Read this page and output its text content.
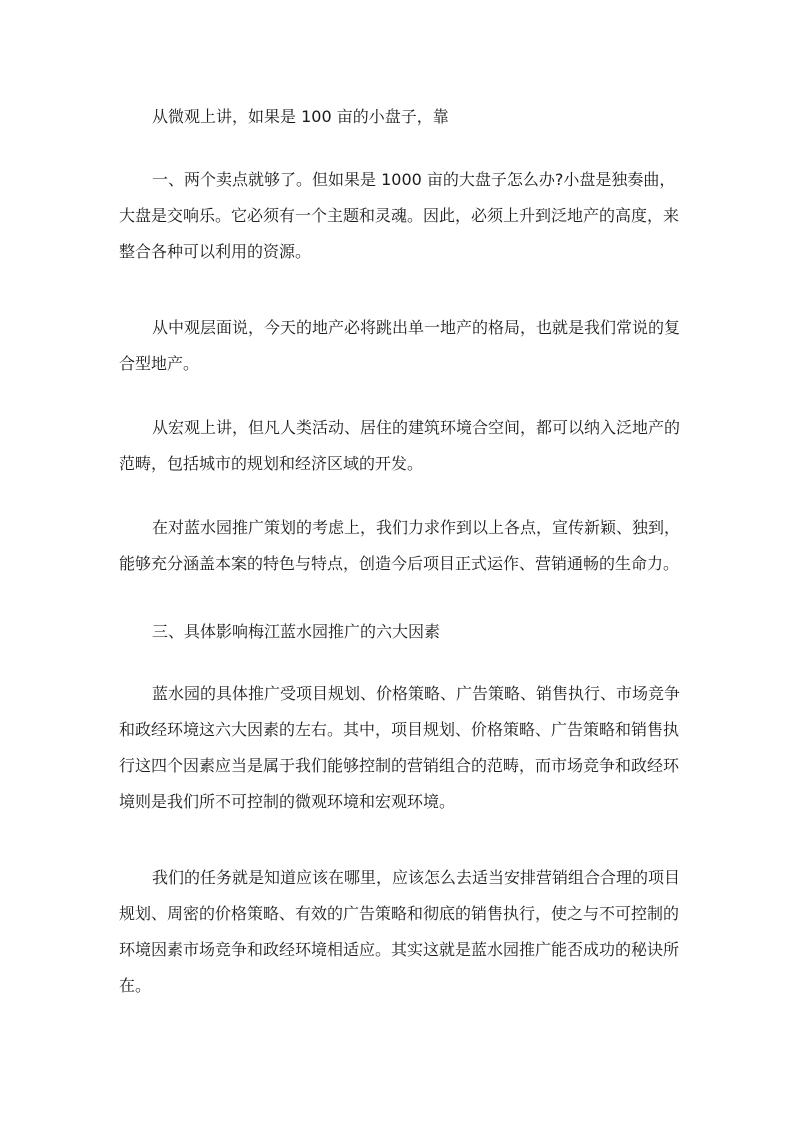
从微观上讲，如果是 100 亩的小盘子，靠
一、两个卖点就够了。但如果是 1000 亩的大盘子怎么办?小盘是独奏曲，
大盘是交响乐。它必须有一个主题和灵魂。因此，必须上升到泛地产的高度，来
整合各种可以利用的资源。
从中观层面说，今天的地产必将跳出单一地产的格局，也就是我们常说的复
合型地产。
从宏观上讲，但凡人类活动、居住的建筑环境合空间，都可以纳入泛地产的
范畴，包括城市的规划和经济区域的开发。
在对蓝水园推广策划的考虑上，我们力求作到以上各点，宣传新颖、独到，
能够充分涵盖本案的特色与特点，创造今后项目正式运作、营销通畅的生命力。
三、具体影响梅江蓝水园推广的六大因素
蓝水园的具体推广受项目规划、价格策略、广告策略、销售执行、市场竞争
和政经环境这六大因素的左右。其中，项目规划、价格策略、广告策略和销售执
行这四个因素应当是属于我们能够控制的营销组合的范畴，而市场竞争和政经环
境则是我们所不可控制的微观环境和宏观环境。
我们的任务就是知道应该在哪里，应该怎么去适当安排营销组合合理的项目
规划、周密的价格策略、有效的广告策略和彻底的销售执行，使之与不可控制的
环境因素市场竞争和政经环境相适应。其实这就是蓝水园推广能否成功的秘诀所
在。
